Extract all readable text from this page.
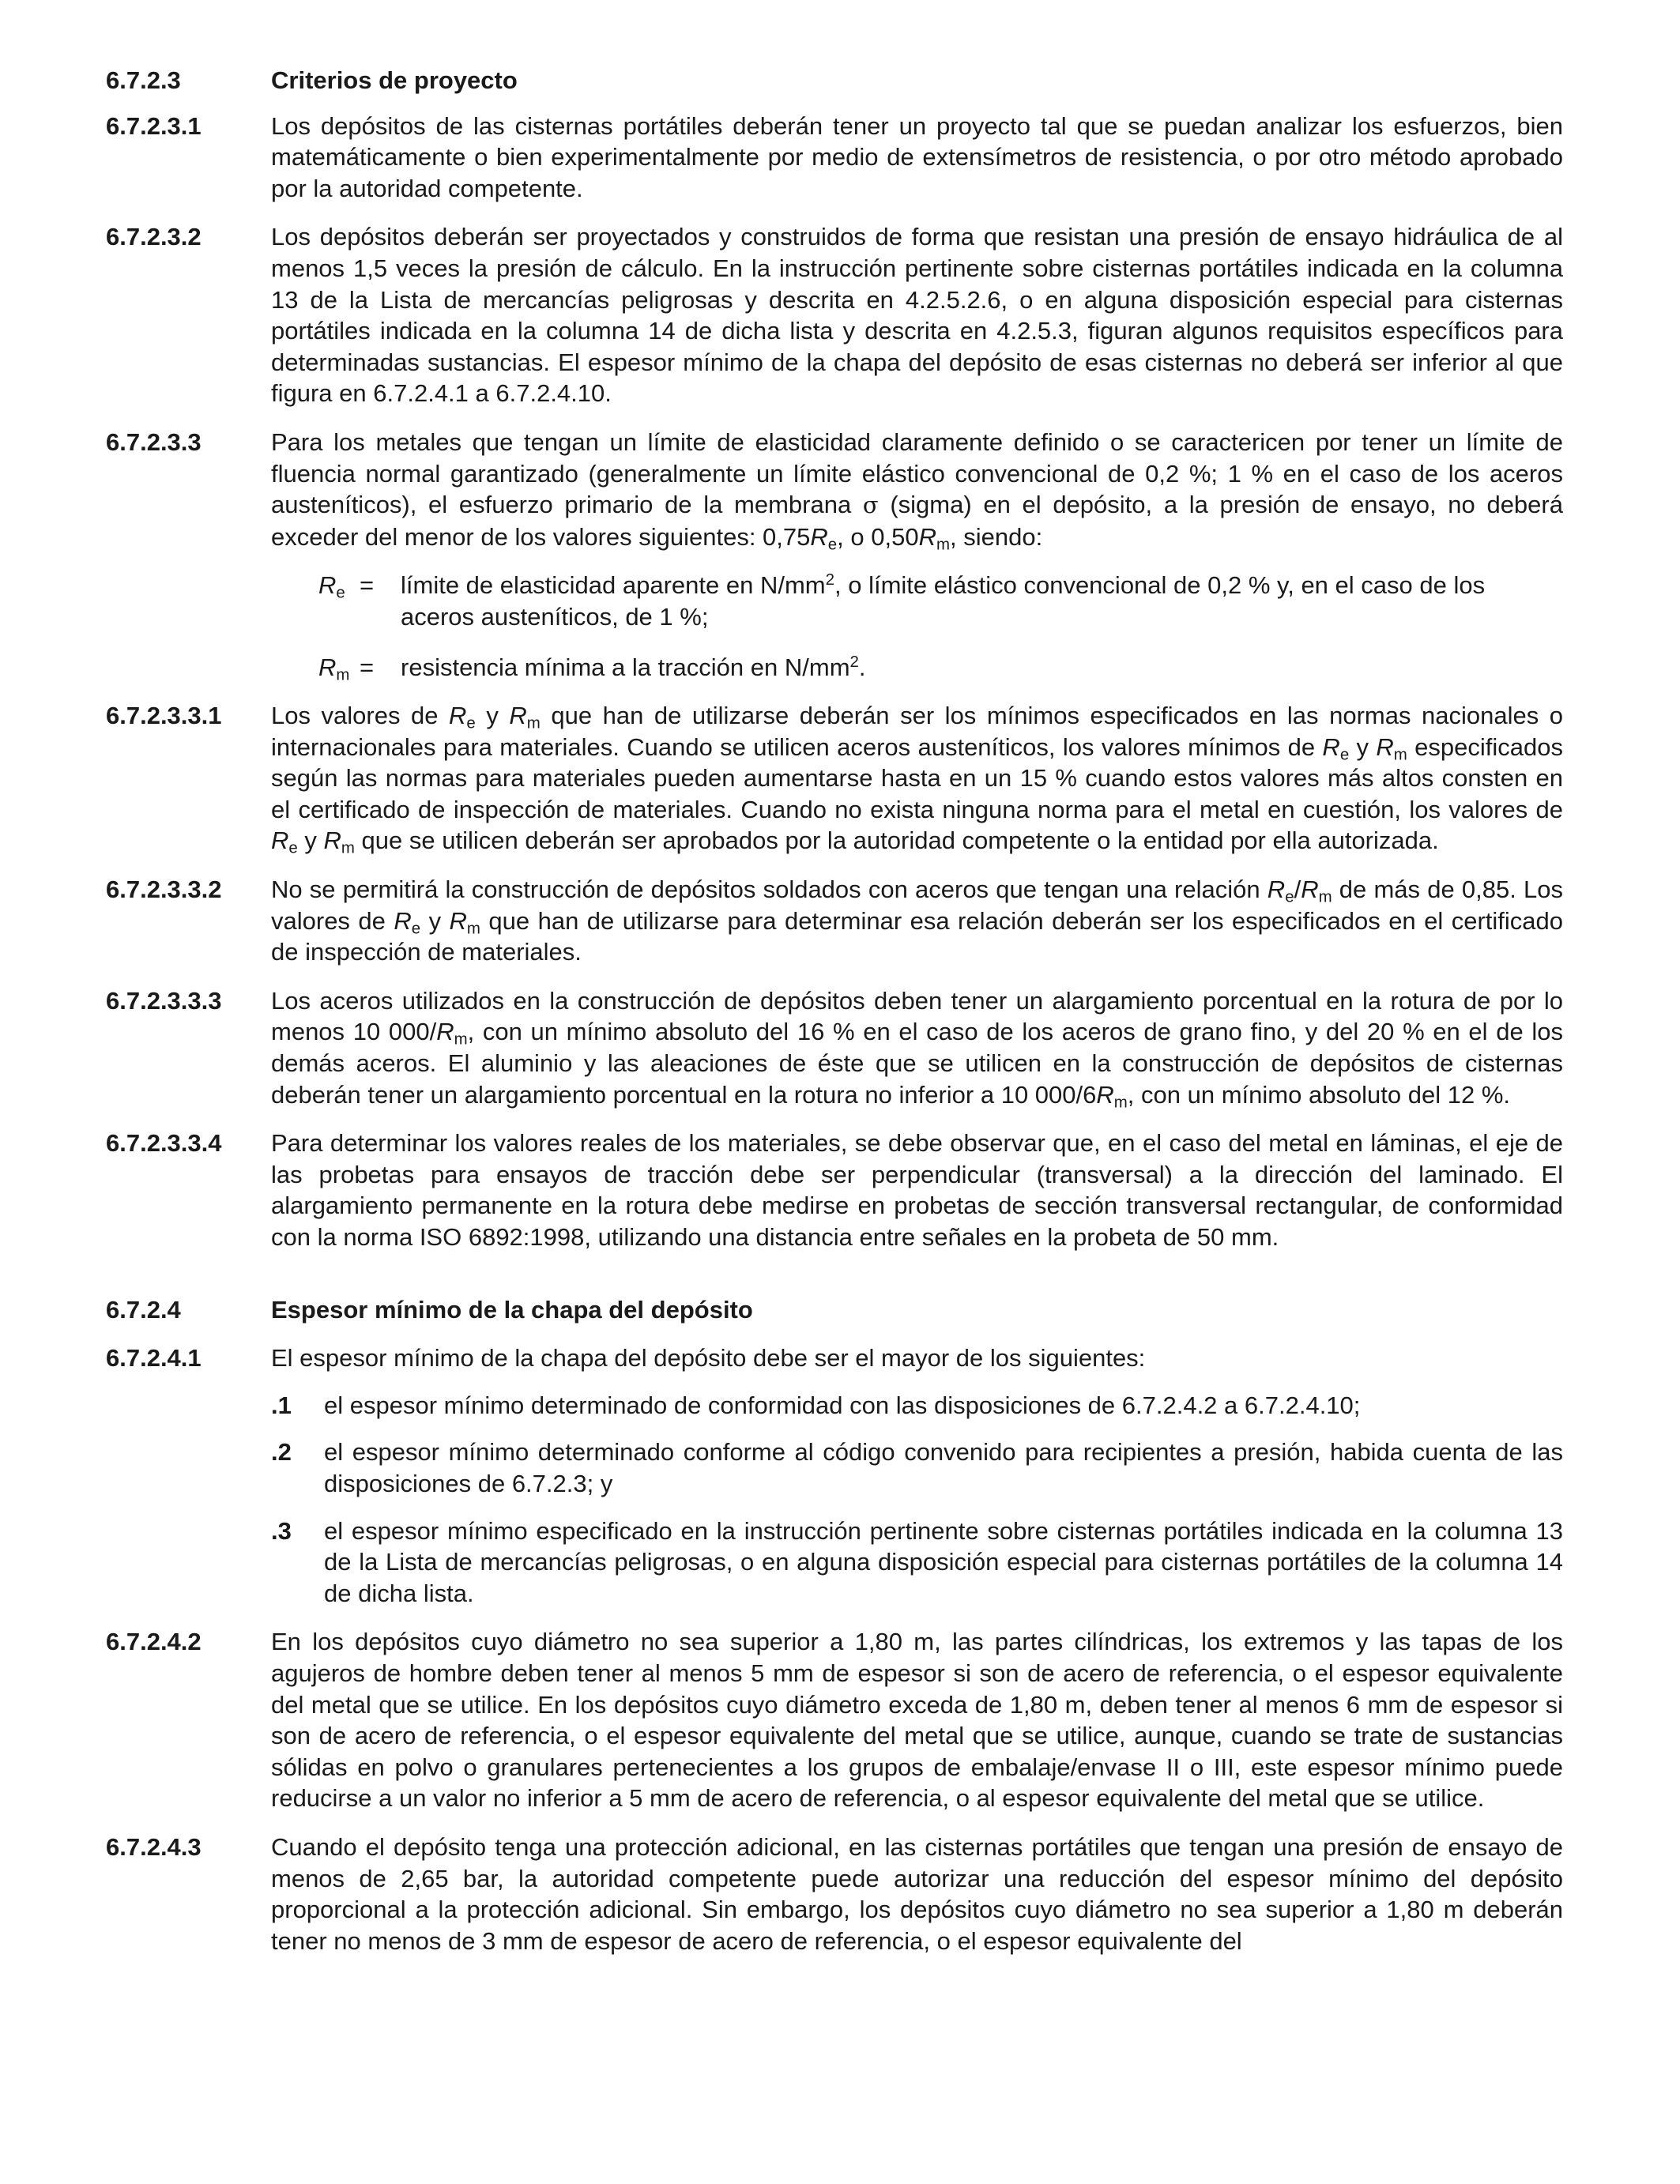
6.7.2.3	Criterios de proyecto
6.7.2.3.1	Los depósitos de las cisternas portátiles deberán tener un proyecto tal que se puedan analizar los esfuerzos, bien matemáticamente o bien experimentalmente por medio de extensímetros de resistencia, o por otro método aprobado por la autoridad competente.
6.7.2.3.2	Los depósitos deberán ser proyectados y construidos de forma que resistan una presión de ensayo hidráulica de al menos 1,5 veces la presión de cálculo. En la instrucción pertinente sobre cisternas portátiles indicada en la columna 13 de la Lista de mercancías peligrosas y descrita en 4.2.5.2.6, o en alguna disposición especial para cisternas portátiles indicada en la columna 14 de dicha lista y descrita en 4.2.5.3, figuran algunos requisitos específicos para determinadas sustancias. El espesor mínimo de la chapa del depósito de esas cisternas no deberá ser inferior al que figura en 6.7.2.4.1 a 6.7.2.4.10.
6.7.2.3.3	Para los metales que tengan un límite de elasticidad claramente definido o se caractericen por tener un límite de fluencia normal garantizado (generalmente un límite elástico convencional de 0,2 %; 1 % en el caso de los aceros austeníticos), el esfuerzo primario de la membrana σ (sigma) en el depósito, a la presión de ensayo, no deberá exceder del menor de los valores siguientes: $0,75R_e$, o $0,50R_m$, siendo:
$R_e$ =	límite de elasticidad aparente en $N/mm^2$, o límite elástico convencional de 0,2 % y, en el caso de los aceros austeníticos, de 1 %;
$R_m$ =	resistencia mínima a la tracción en $N/mm^2$.
6.7.2.3.3.1	Los valores de $R_e$ y $R_m$ que han de utilizarse deberán ser los mínimos especificados en las normas nacionales o internacionales para materiales. Cuando se utilicen aceros austeníticos, los valores mínimos de $R_e$ y $R_m$ especificados según las normas para materiales pueden aumentarse hasta en un 15 % cuando estos valores más altos consten en el certificado de inspección de materiales. Cuando no exista ninguna norma para el metal en cuestión, los valores de $R_e$ y $R_m$ que se utilicen deberán ser aprobados por la autoridad competente o la entidad por ella autorizada.
6.7.2.3.3.2	No se permitirá la construcción de depósitos soldados con aceros que tengan una relación $R_e/R_m$ de más de 0,85. Los valores de $R_e$ y $R_m$ que han de utilizarse para determinar esa relación deberán ser los especificados en el certificado de inspección de materiales.
6.7.2.3.3.3	Los aceros utilizados en la construcción de depósitos deben tener un alargamiento porcentual en la rotura de por lo menos 10 $000/R_m$, con un mínimo absoluto del 16 % en el caso de los aceros de grano fino, y del 20 % en el de los demás aceros. El aluminio y las aleaciones de éste que se utilicen en la construcción de depósitos de cisternas deberán tener un alargamiento porcentual en la rotura no inferior a 10 $000/6R_m$, con un mínimo absoluto del 12 %.
6.7.2.3.3.4	Para determinar los valores reales de los materiales, se debe observar que, en el caso del metal en láminas, el eje de las probetas para ensayos de tracción debe ser perpendicular (transversal) a la dirección del laminado. El alargamiento permanente en la rotura debe medirse en probetas de sección transversal rectangular, de conformidad con la norma ISO 6892:1998, utilizando una distancia entre señales en la probeta de 50 mm.
6.7.2.4	Espesor mínimo de la chapa del depósito
6.7.2.4.1	El espesor mínimo de la chapa del depósito debe ser el mayor de los siguientes:
.1	el espesor mínimo determinado de conformidad con las disposiciones de 6.7.2.4.2 a 6.7.2.4.10;
.2	el espesor mínimo determinado conforme al código convenido para recipientes a presión, habida cuenta de las disposiciones de 6.7.2.3; y
.3	el espesor mínimo especificado en la instrucción pertinente sobre cisternas portátiles indicada en la columna 13 de la Lista de mercancías peligrosas, o en alguna disposición especial para cisternas portátiles de la columna 14 de dicha lista.
6.7.2.4.2	En los depósitos cuyo diámetro no sea superior a 1,80 m, las partes cilíndricas, los extremos y las tapas de los agujeros de hombre deben tener al menos 5 mm de espesor si son de acero de referencia, o el espesor equivalente del metal que se utilice. En los depósitos cuyo diámetro exceda de 1,80 m, deben tener al menos 6 mm de espesor si son de acero de referencia, o el espesor equivalente del metal que se utilice, aunque, cuando se trate de sustancias sólidas en polvo o granulares pertenecientes a los grupos de embalaje/envase II o III, este espesor mínimo puede reducirse a un valor no inferior a 5 mm de acero de referencia, o al espesor equivalente del metal que se utilice.
6.7.2.4.3	Cuando el depósito tenga una protección adicional, en las cisternas portátiles que tengan una presión de ensayo de menos de 2,65 bar, la autoridad competente puede autorizar una reducción del espesor mínimo del depósito proporcional a la protección adicional. Sin embargo, los depósitos cuyo diámetro no sea superior a 1,80 m deberán tener no menos de 3 mm de espesor de acero de referencia, o el espesor equivalente del
